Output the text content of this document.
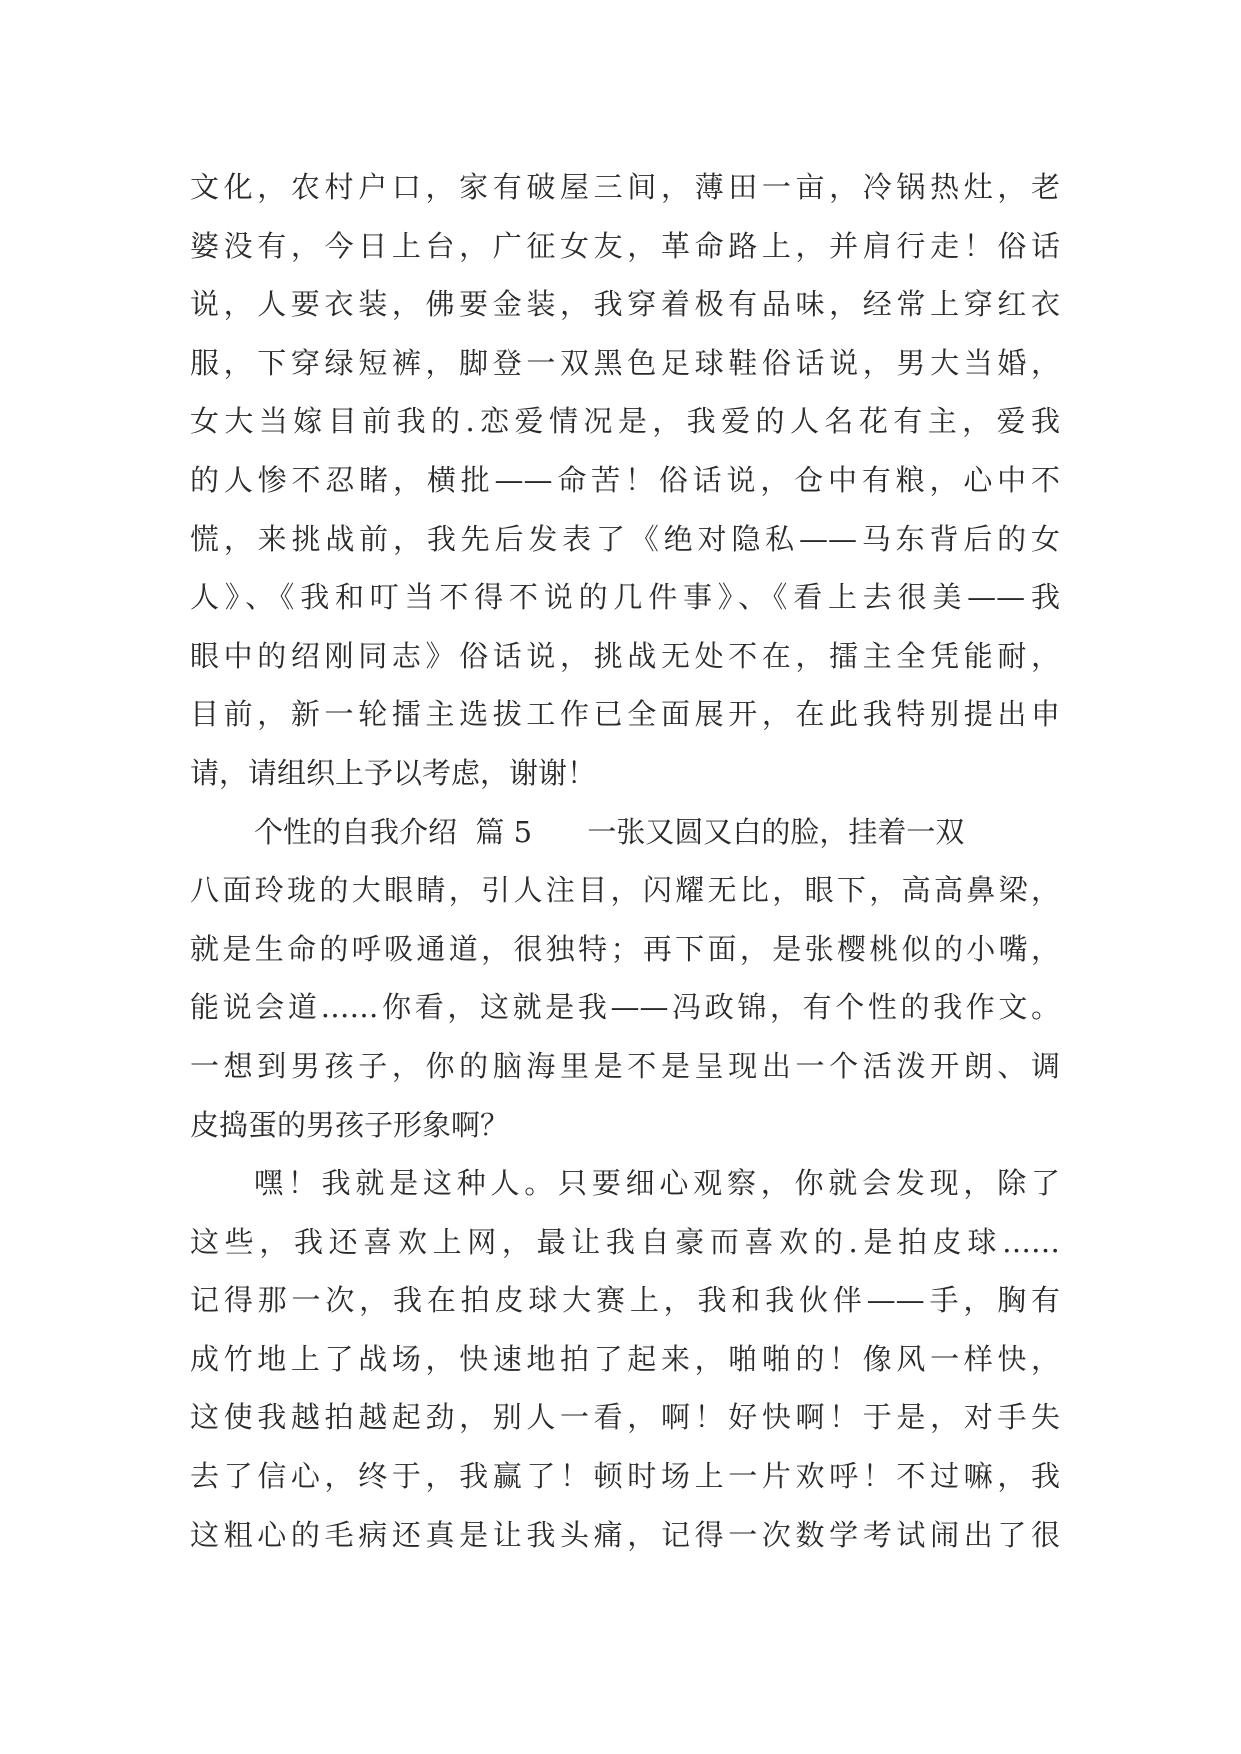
文化，农村户口，家有破屋三间，薄田一亩，冷锅热灶，老
婆没有，今日上台，广征女友，革命路上，并肩行走！俗话
说，人要衣装，佛要金装，我穿着极有品味，经常上穿红衣
服，下穿绿短裤，脚登一双黑色足球鞋俗话说，男大当婚，
女大当嫁目前我的.恋爱情况是，我爱的人名花有主，爱我
的人惨不忍睹，横批——命苦！俗话说，仓中有粮，心中不
慌，来挑战前，我先后发表了《绝对隐私——马东背后的女
人》、《我和叮当不得不说的几件事》、《看上去很美——我
眼中的绍刚同志》俗话说，挑战无处不在，擂主全凭能耐，
目前，新一轮擂主选拔工作已全面展开，在此我特别提出申
请，请组织上予以考虑，谢谢！
个性的自我介绍  篇 5      一张又圆又白的脸，挂着一双
八面玲珑的大眼睛，引人注目，闪耀无比，眼下，高高鼻梁，
就是生命的呼吸通道，很独特；再下面，是张樱桃似的小嘴，
能说会道……你看，这就是我——冯政锦，有个性的我作文。
一想到男孩子，你的脑海里是不是呈现出一个活泼开朗、调
皮捣蛋的男孩子形象啊？
嘿！我就是这种人。只要细心观察，你就会发现，除了
这些，我还喜欢上网，最让我自豪而喜欢的.是拍皮球……
记得那一次，我在拍皮球大赛上，我和我伙伴——手，胸有
成竹地上了战场，快速地拍了起来，啪啪的！像风一样快，
这使我越拍越起劲，别人一看，啊！好快啊！于是，对手失
去了信心，终于，我赢了！顿时场上一片欢呼！不过嘛，我
这粗心的毛病还真是让我头痛，记得一次数学考试闹出了很
